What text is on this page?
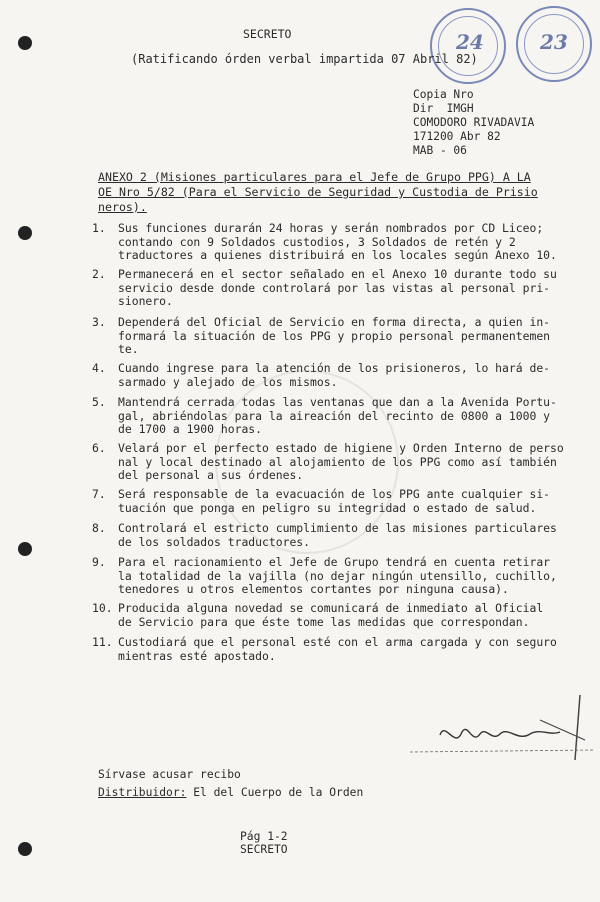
24	23
SECRETO
(Ratificando órden verbal impartida 07 Abril 82)
Copia Nro
Dir  IMGH
COMODORO RIVADAVIA
171200 Abr 82
MAB - 06
ANEXO 2 (Misiones particulares para el Jefe de Grupo PPG) A LA
OE Nro 5/82 (Para el Servicio de Seguridad y Custodia de Prisio
neros).
1.	Sus funciones durarán 24 horas y serán nombrados por CD Liceo;
contando con 9 Soldados custodios, 3 Soldados de retén y 2
traductores a quienes distribuirá en los locales según Anexo 10.
2.	Permanecerá en el sector señalado en el Anexo 10 durante todo su
servicio desde donde controlará por las vistas al personal pri-
sionero.
3.	Dependerá del Oficial de Servicio en forma directa, a quien in-
formará la situación de los PPG y propio personal permanentemen
te.
4.	Cuando ingrese para la atención de los prisioneros, lo hará de-
sarmado y alejado de los mismos.
5.	Mantendrá cerrada todas las ventanas que dan a la Avenida Portu-
gal, abriéndolas para la aireación del recinto de 0800 a 1000 y
de 1700 a 1900 horas.
6.	Velará por el perfecto estado de higiene y Orden Interno de perso
nal y local destinado al alojamiento de los PPG como así también
del personal a sus órdenes.
7.	Será responsable de la evacuación de los PPG ante cualquier si-
tuación que ponga en peligro su integridad o estado de salud.
8.	Controlará el estricto cumplimiento de las misiones particulares
de los soldados traductores.
9.	Para el racionamiento el Jefe de Grupo tendrá en cuenta retirar
la totalidad de la vajilla (no dejar ningún utensillo, cuchillo,
tenedores u otros elementos cortantes por ninguna causa).
10. Producida alguna novedad se comunicará de inmediato al Oficial
de Servicio para que éste tome las medidas que correspondan.
11. Custodiará que el personal esté con el arma cargada y con seguro
mientras esté apostado.
Sírvase acusar recibo
Distribuidor: El del Cuerpo de la Orden
Pág 1-2
SECRETO
